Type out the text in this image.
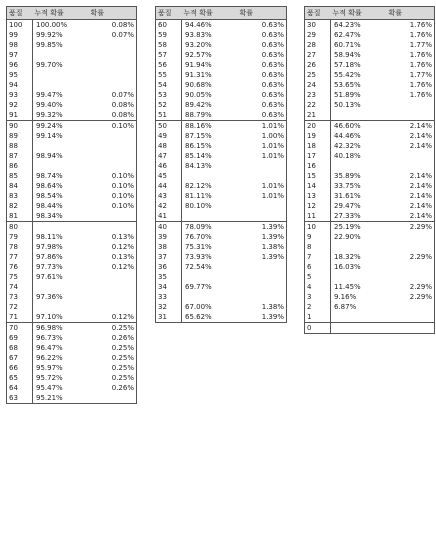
품질	누적 확률	확률
100	100.00%	0.08%
99	99.92%	0.07%
98	99.85%	
97		
96	99.70%	
95		
94		
93	99.47%	0.07%
92	99.40%	0.08%
91	99.32%	0.08%
90	99.24%	0.10%
89	99.14%	
88		
87	98.94%	
86		
85	98.74%	0.10%
84	98.64%	0.10%
83	98.54%	0.10%
82	98.44%	0.10%
81	98.34%	
80		
79	98.11%	0.13%
78	97.98%	0.12%
77	97.86%	0.13%
76	97.73%	0.12%
75	97.61%	
74		
73	97.36%	
72		
71	97.10%	0.12%
70	96.98%	0.25%
69	96.73%	0.26%
68	96.47%	0.25%
67	96.22%	0.25%
66	95.97%	0.25%
65	95.72%	0.25%
64	95.47%	0.26%
63	95.21%	
품질	누적 확률	확률
60	94.46%	0.63%
59	93.83%	0.63%
58	93.20%	0.63%
57	92.57%	0.63%
56	91.94%	0.63%
55	91.31%	0.63%
54	90.68%	0.63%
53	90.05%	0.63%
52	89.42%	0.63%
51	88.79%	0.63%
50	88.16%	1.01%
49	87.15%	1.00%
48	86.15%	1.01%
47	85.14%	1.01%
46	84.13%	
45		
44	82.12%	1.01%
43	81.11%	1.01%
42	80.10%	
41		
40	78.09%	1.39%
39	76.70%	1.39%
38	75.31%	1.38%
37	73.93%	1.39%
36	72.54%	
35		
34	69.77%	
33		
32	67.00%	1.38%
31	65.62%	1.39%
품질	누적 확률	확률
30	64.23%	1.76%
29	62.47%	1.76%
28	60.71%	1.77%
27	58.94%	1.76%
26	57.18%	1.76%
25	55.42%	1.77%
24	53.65%	1.76%
23	51.89%	1.76%
22	50.13%	
21		
20	46.60%	2.14%
19	44.46%	2.14%
18	42.32%	2.14%
17	40.18%	
16		
15	35.89%	2.14%
14	33.75%	2.14%
13	31.61%	2.14%
12	29.47%	2.14%
11	27.33%	2.14%
10	25.19%	2.29%
9	22.90%	
8		
7	18.32%	2.29%
6	16.03%	
5		
4	11.45%	2.29%
3	9.16%	2.29%
2	6.87%	
1		
0		
